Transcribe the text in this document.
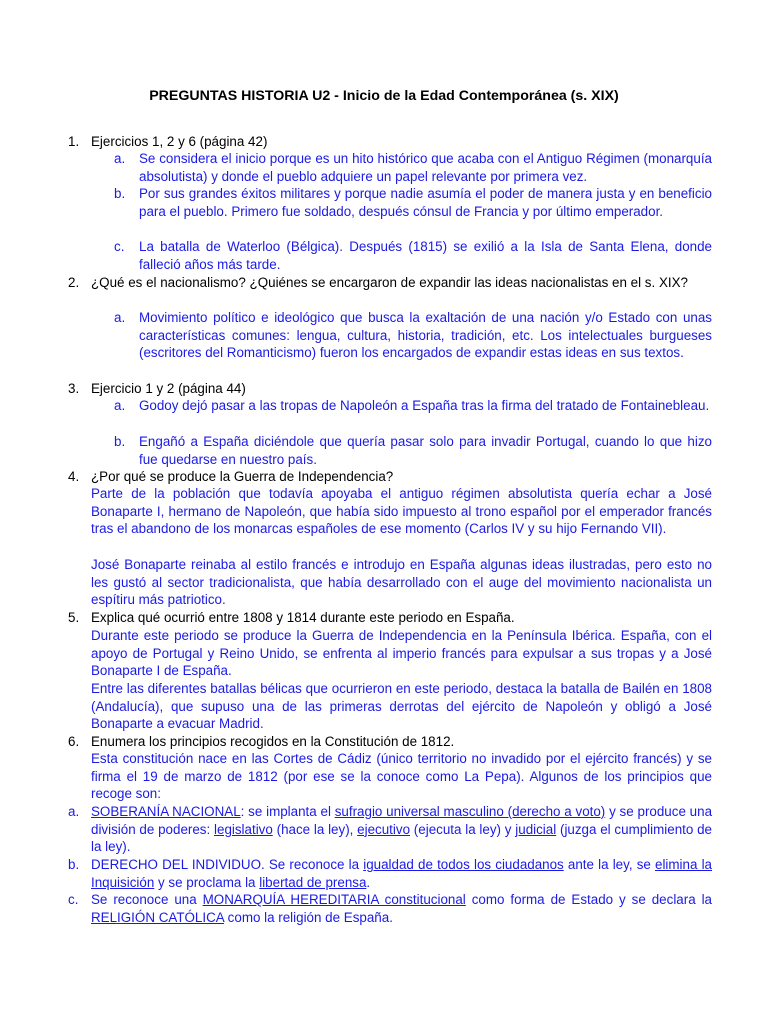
PREGUNTAS HISTORIA U2 - Inicio de la Edad Contemporánea (s. XIX)
1. Ejercicios 1, 2 y 6 (página 42)
a.	Se considera el inicio porque es un hito histórico que acaba con el Antiguo Régimen (monarquía absolutista) y donde el pueblo adquiere un papel relevante por primera vez.
b.	Por sus grandes éxitos militares y porque nadie asumía el poder de manera justa y en beneficio para el pueblo. Primero fue soldado, después cónsul de Francia y por último emperador.
c.	La batalla de Waterloo (Bélgica). Después (1815) se exilió a la Isla de Santa Elena, donde falleció años más tarde.
2. ¿Qué es el nacionalismo? ¿Quiénes se encargaron de expandir las ideas nacionalistas en el s. XIX?
a.	Movimiento político e ideológico que busca la exaltación de una nación y/o Estado con unas características comunes: lengua, cultura, historia, tradición, etc. Los intelectuales burgueses (escritores del Romanticismo) fueron los encargados de expandir estas ideas en sus textos.
3. Ejercicio 1 y 2 (página 44)
a.	Godoy dejó pasar a las tropas de Napoleón a España tras la firma del tratado de Fontainebleau.
b.	Engañó a España diciéndole que quería pasar solo para invadir Portugal, cuando lo que hizo fue quedarse en nuestro país.
4. ¿Por qué se produce la Guerra de Independencia?
Parte de la población que todavía apoyaba el antiguo régimen absolutista quería echar a José Bonaparte I, hermano de Napoleón, que había sido impuesto al trono español por el emperador francés tras el abandono de los monarcas españoles de ese momento (Carlos IV y su hijo Fernando VII).
José Bonaparte reinaba al estilo francés e introdujo en España algunas ideas ilustradas, pero esto no les gustó al sector tradicionalista, que había desarrollado con el auge del movimiento nacionalista un espítiru más patriotico.
5. Explica qué ocurrió entre 1808 y 1814 durante este periodo en España.
Durante este periodo se produce la Guerra de Independencia en la Península Ibérica. España, con el apoyo de Portugal y Reino Unido, se enfrenta al imperio francés para expulsar a sus tropas y a José Bonaparte I de España.
Entre las diferentes batallas bélicas que ocurrieron en este periodo, destaca la batalla de Bailén en 1808 (Andalucía), que supuso una de las primeras derrotas del ejército de Napoleón y obligó a José Bonaparte a evacuar Madrid.
6. Enumera los principios recogidos en la Constitución de 1812.
Esta constitución nace en las Cortes de Cádiz (único territorio no invadido por el ejército francés) y se firma el 19 de marzo de 1812 (por ese se la conoce como La Pepa). Algunos de los principios que recoge son:
a. SOBERANÍA NACIONAL: se implanta el sufragio universal masculino (derecho a voto) y se produce una división de poderes: legislativo (hace la ley), ejecutivo (ejecuta la ley) y judicial (juzga el cumplimiento de la ley).
b. DERECHO DEL INDIVIDUO. Se reconoce la igualdad de todos los ciudadanos ante la ley, se elimina la Inquisición y se proclama la libertad de prensa.
c. Se reconoce una MONARQUÍA HEREDITARIA constitucional como forma de Estado y se declara la RELIGIÓN CATÓLICA como la religión de España.
